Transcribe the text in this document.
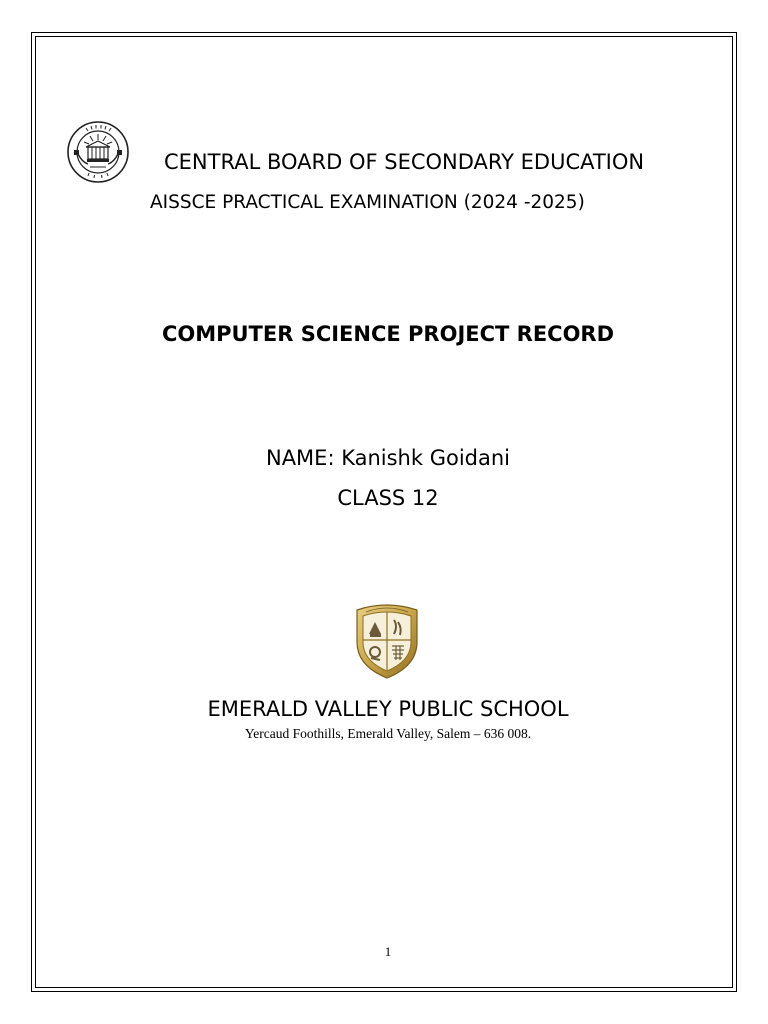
CENTRAL BOARD OF SECONDARY EDUCATION
AISSCE PRACTICAL EXAMINATION (2024 -2025)
COMPUTER SCIENCE PROJECT RECORD
NAME: Kanishk Goidani
CLASS 12
EMERALD VALLEY PUBLIC SCHOOL
Yercaud Foothills, Emerald Valley, Salem – 636 008.
1
